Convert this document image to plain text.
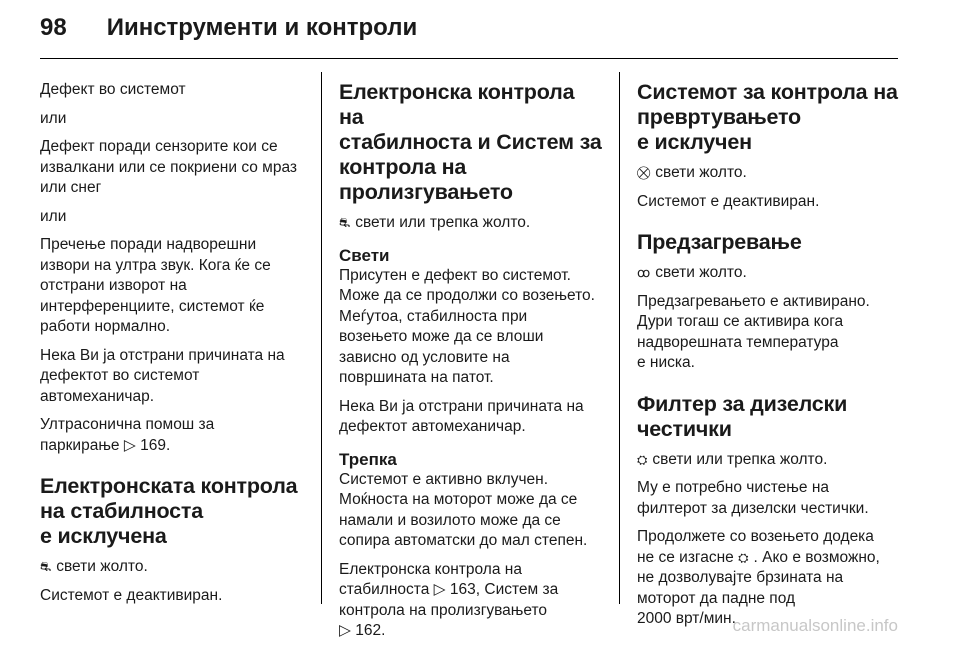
98 Иинструменти и контроли

Дефект во системот

или

Дефект поради сензорите кои се
извалкани или се покриени со мраз
или снег

или

Пречење поради надворешни
извори на ултра звук. Кога ќе се
отстрани изворот на
интерференциите, системот ќе
работи нормално.

Нека Ви ја отстрани причината на
дефектот во системот
автомеханичар.

Ултрасонична помош за
паркирање ▷ 169.

Електронската контрола
на стабилноста
е исклучена

⛐ свети жолто.

Системот е деактивиран.

Електронска контрола на
стабилноста и Систем за
контрола на
пролизгувањето

⛐ свети или трепка жолто.

Свети

Присутен е дефект во системот.
Може да се продолжи со возењето.
Меѓутоа, стабилноста при
возењето може да се влоши
зависно од условите на
површината на патот.

Нека Ви ја отстрани причината на
дефектот автомеханичар.

Трепка

Системот е активно вклучен.
Моќноста на моторот може да се
намали и возилото може да се
сопира автоматски до мал степен.

Електронска контрола на
стабилноста ▷ 163, Систем за
контрола на пролизгувањето
▷ 162.

Системот за контрола на
превртувањето
е исклучен

⛒ свети жолто.

Системот е деактивиран.

Предзагревање

ꝏ свети жолто.

Предзагревањето е активирано.
Дури тогаш се активира кога
надворешната температура
е ниска.

Филтер за дизелски
честички

⛭ свети или трепка жолто.

Му е потребно чистење на
филтерот за дизелски честички.

Продолжете со возењето додека
не се изгасне ⛭ . Ако е возможно,
не дозволувајте брзината на
моторот да падне под
2000 врт/мин.

carmanualsonline.info
